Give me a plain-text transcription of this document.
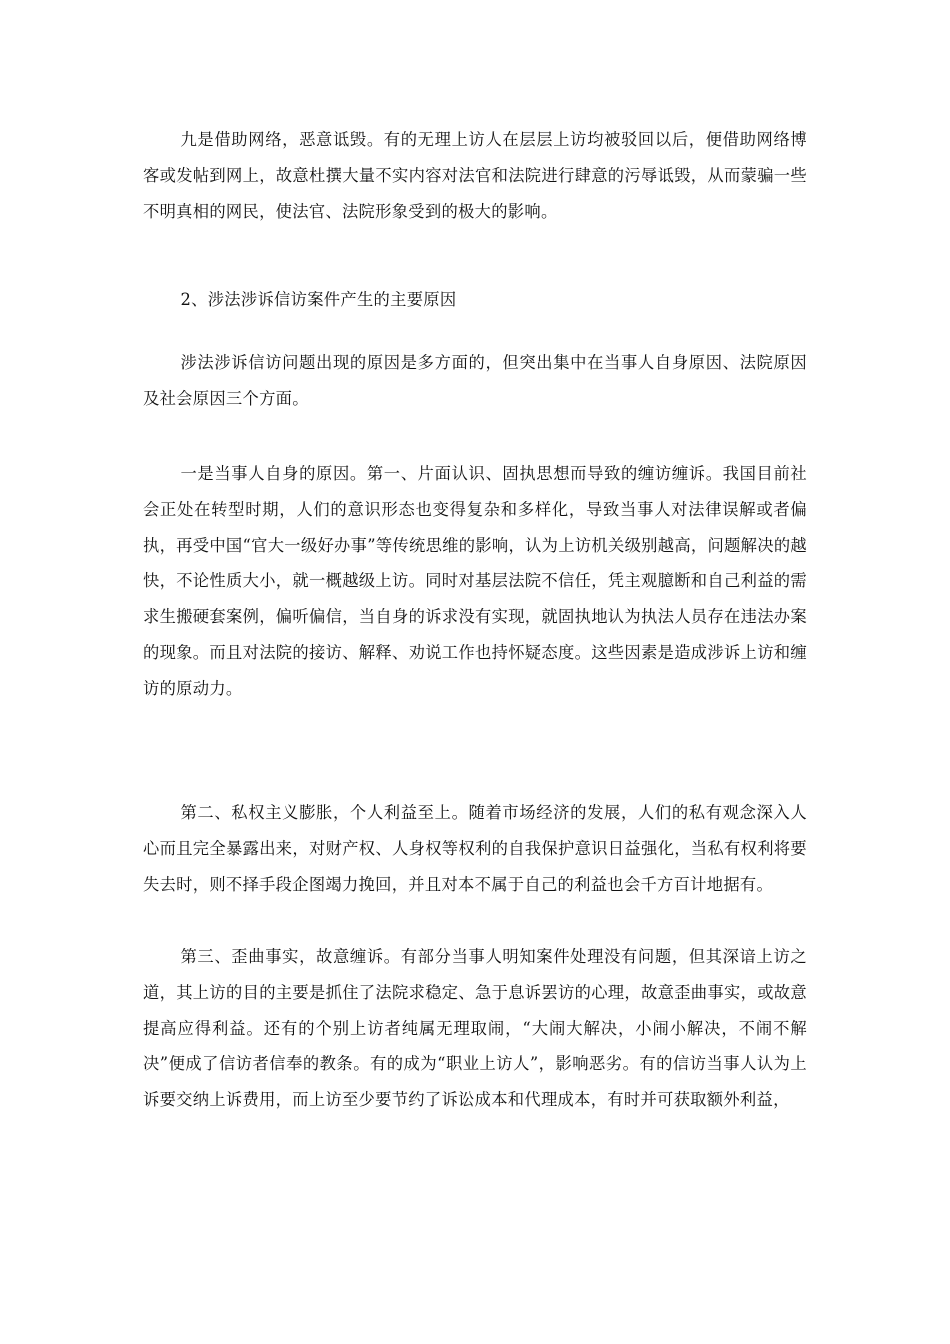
九是借助网络，恶意诋毁。有的无理上访人在层层上访均被驳回以后，便借助网络博客或发帖到网上，故意杜撰大量不实内容对法官和法院进行肆意的污辱诋毁，从而蒙骗一些不明真相的网民，使法官、法院形象受到的极大的影响。

2、涉法涉诉信访案件产生的主要原因

涉法涉诉信访问题出现的原因是多方面的，但突出集中在当事人自身原因、法院原因及社会原因三个方面。

一是当事人自身的原因。第一、片面认识、固执思想而导致的缠访缠诉。我国目前社会正处在转型时期，人们的意识形态也变得复杂和多样化，导致当事人对法律误解或者偏执，再受中国“官大一级好办事”等传统思维的影响，认为上访机关级别越高，问题解决的越快，不论性质大小，就一概越级上访。同时对基层法院不信任，凭主观臆断和自己利益的需求生搬硬套案例，偏听偏信，当自身的诉求没有实现，就固执地认为执法人员存在违法办案的现象。而且对法院的接访、解释、劝说工作也持怀疑态度。这些因素是造成涉诉上访和缠访的原动力。

第二、私权主义膨胀，个人利益至上。随着市场经济的发展，人们的私有观念深入人心而且完全暴露出来，对财产权、人身权等权利的自我保护意识日益强化，当私有权利将要失去时，则不择手段企图竭力挽回，并且对本不属于自己的利益也会千方百计地据有。

第三、歪曲事实，故意缠诉。有部分当事人明知案件处理没有问题，但其深谙上访之道，其上访的目的主要是抓住了法院求稳定、急于息诉罢访的心理，故意歪曲事实，或故意提高应得利益。还有的个别上访者纯属无理取闹，“大闹大解决，小闹小解决，不闹不解决”便成了信访者信奉的教条。有的成为“职业上访人”，影响恶劣。有的信访当事人认为上诉要交纳上诉费用，而上访至少要节约了诉讼成本和代理成本，有时并可获取额外利益，
